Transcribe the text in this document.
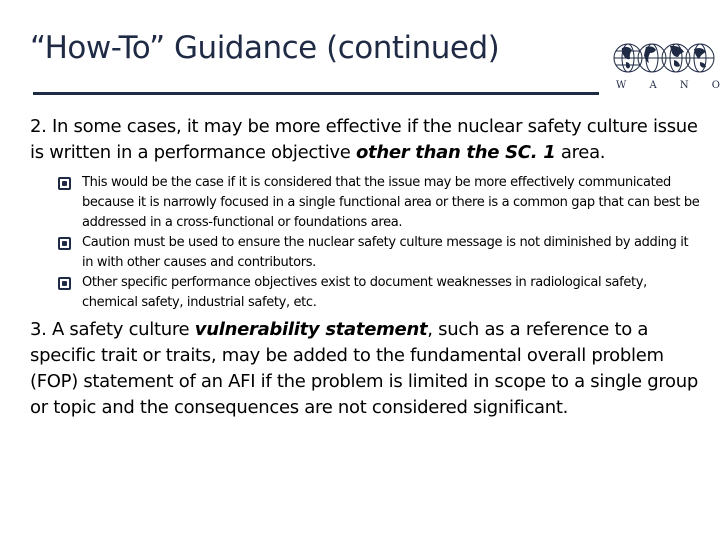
“How-To” Guidance (continued)
W A N O

2. In some cases, it may be more effective if the nuclear safety culture issue is written in a performance objective other than the SC. 1 area.

This would be the case if it is considered that the issue may be more effectively communicated because it is narrowly focused in a single functional area or there is a common gap that can best be addressed in a cross-functional or foundations area.
Caution must be used to ensure the nuclear safety culture message is not diminished by adding it in with other causes and contributors.
Other specific performance objectives exist to document weaknesses in radiological safety, chemical safety, industrial safety, etc.

3. A safety culture vulnerability statement, such as a reference to a specific trait or traits, may be added to the fundamental overall problem (FOP) statement of an AFI if the problem is limited in scope to a single group or topic and the consequences are not considered significant.
